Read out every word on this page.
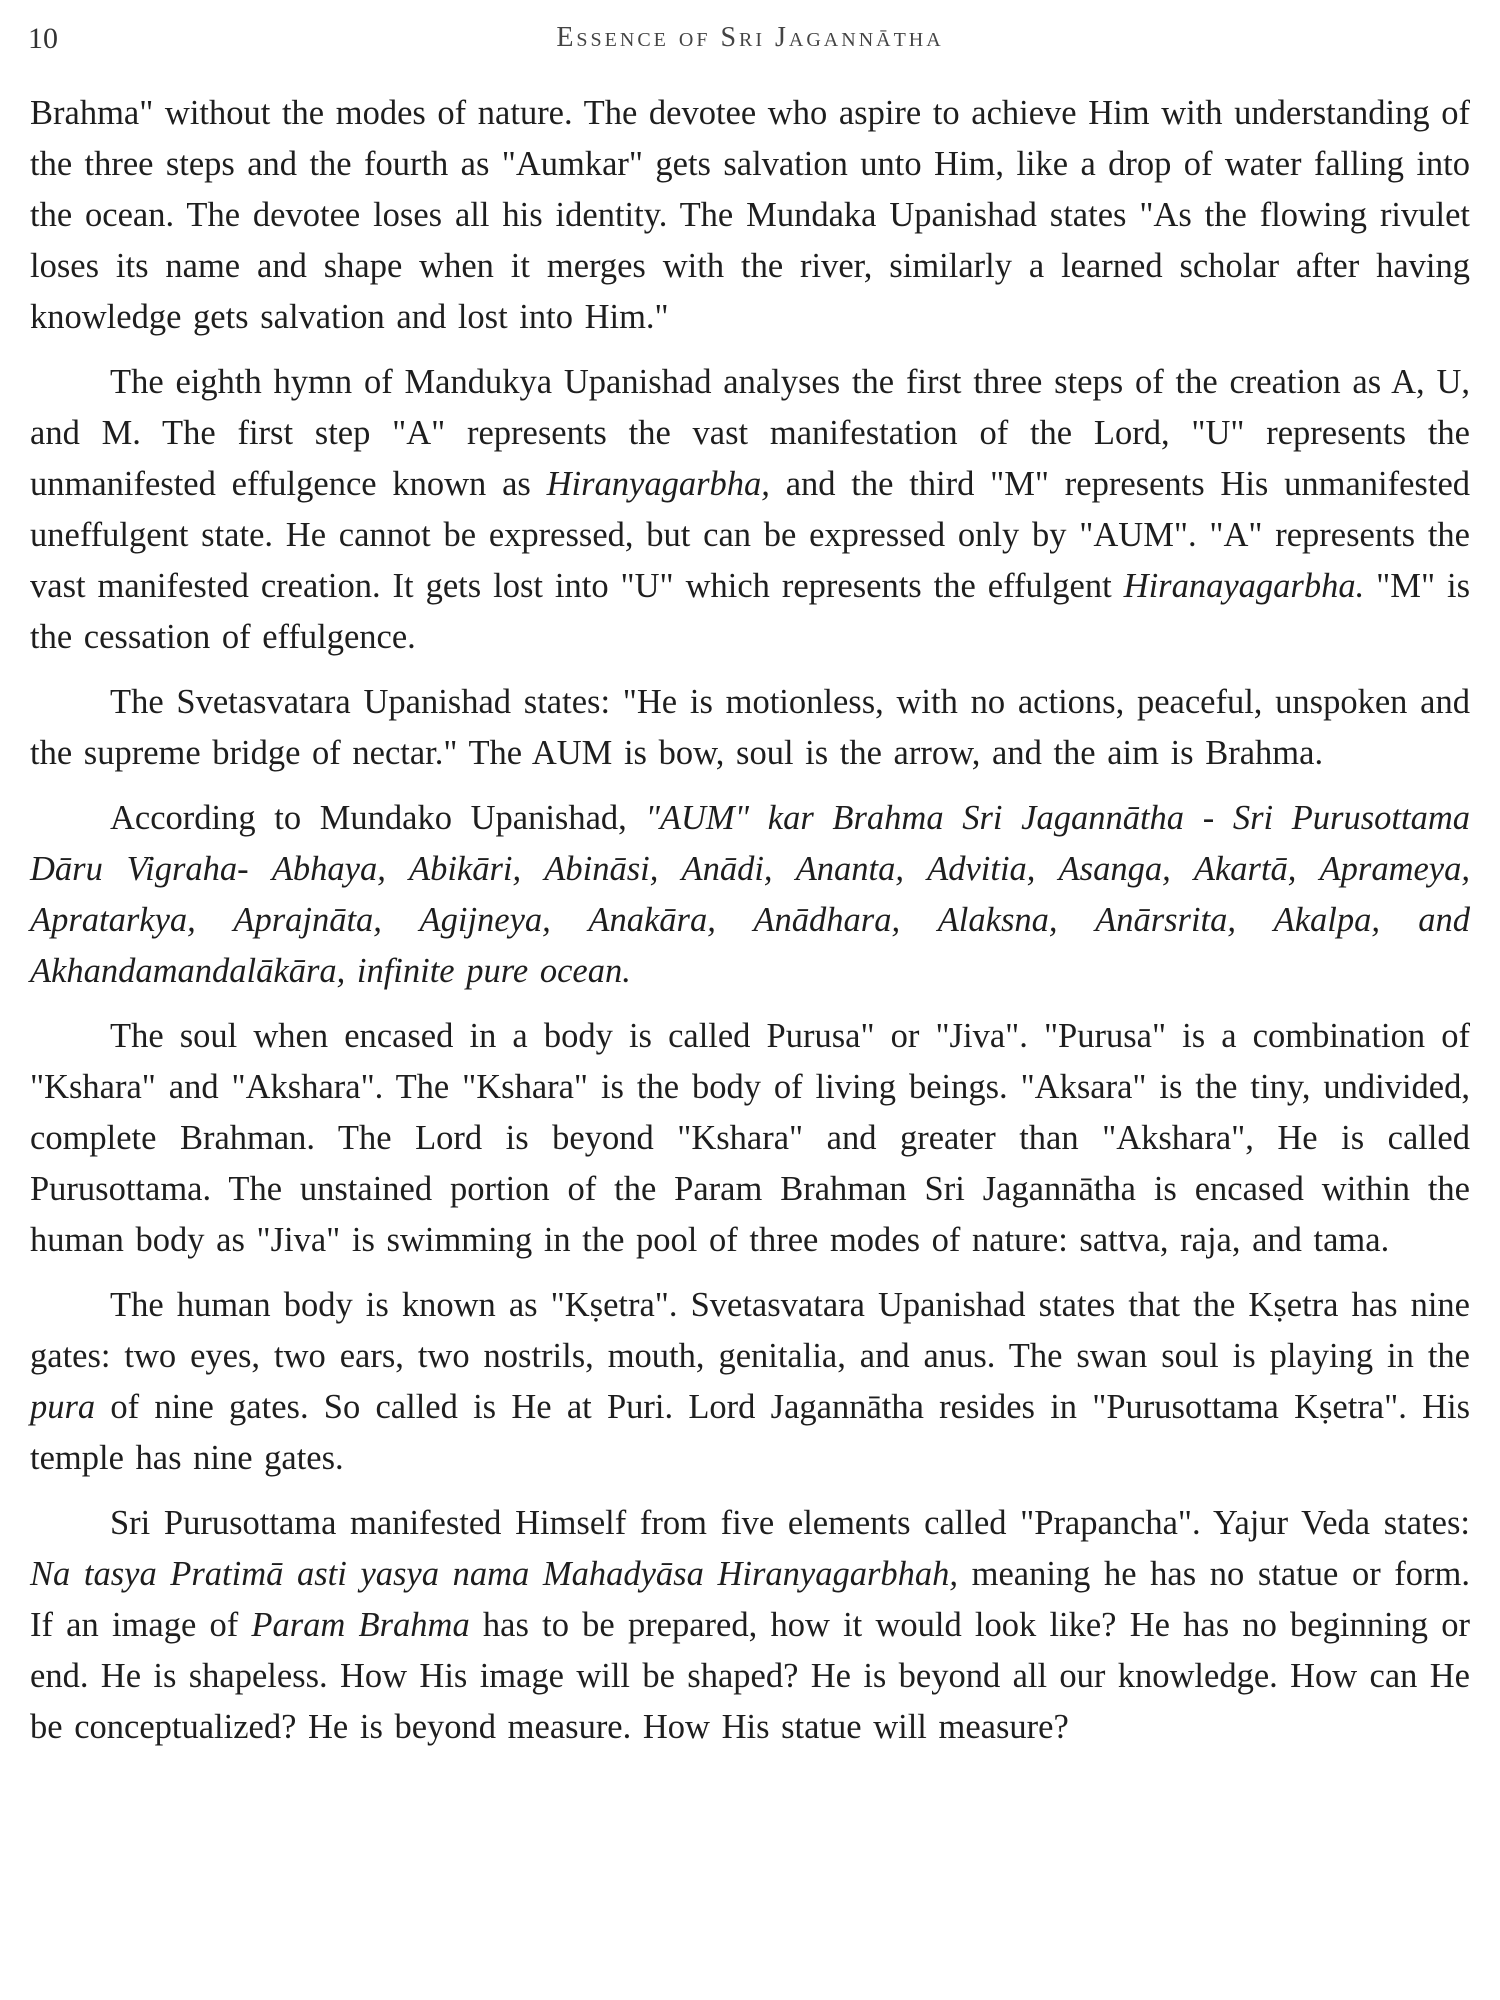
10	Essence of Sri Jagannātha

Brahma" without the modes of nature. The devotee who aspire to achieve Him with understanding of the three steps and the fourth as "Aumkar" gets salvation unto Him, like a drop of water falling into the ocean. The devotee loses all his identity. The Mundaka Upanishad states "As the flowing rivulet loses its name and shape when it merges with the river, similarly a learned scholar after having knowledge gets salvation and lost into Him."

The eighth hymn of Mandukya Upanishad analyses the first three steps of the creation as A, U, and M. The first step "A" represents the vast manifestation of the Lord, "U" represents the unmanifested effulgence known as Hiranyagarbha, and the third "M" represents His unmanifested uneffulgent state. He cannot be expressed, but can be expressed only by "AUM". "A" represents the vast manifested creation. It gets lost into "U" which represents the effulgent Hiranayagarbha. "M" is the cessation of effulgence.

The Svetasvatara Upanishad states: "He is motionless, with no actions, peaceful, unspoken and the supreme bridge of nectar." The AUM is bow, soul is the arrow, and the aim is Brahma.

According to Mundako Upanishad, "AUM" kar Brahma Sri Jagannātha - Sri Purusottama Dāru Vigraha- Abhaya, Abikāri, Abināsi, Anādi, Ananta, Advitia, Asanga, Akartā, Aprameya, Apratarkya, Aprajnāta, Agijneya, Anakāra, Anādhara, Alaksna, Anārsrita, Akalpa, and Akhandamandalākāra, infinite pure ocean.

The soul when encased in a body is called Purusa" or "Jiva". "Purusa" is a combination of "Kshara" and "Akshara". The "Kshara" is the body of living beings. "Aksara" is the tiny, undivided, complete Brahman. The Lord is beyond "Kshara" and greater than "Akshara", He is called Purusottama. The unstained portion of the Param Brahman Sri Jagannātha is encased within the human body as "Jiva" is swimming in the pool of three modes of nature: sattva, raja, and tama.

The human body is known as "Kṣetra". Svetasvatara Upanishad states that the Kṣetra has nine gates: two eyes, two ears, two nostrils, mouth, genitalia, and anus. The swan soul is playing in the pura of nine gates. So called is He at Puri. Lord Jagannātha resides in "Purusottama Kṣetra". His temple has nine gates.

Sri Purusottama manifested Himself from five elements called "Prapancha". Yajur Veda states: Na tasya Pratimā asti yasya nama Mahadyāsa Hiranyagarbhah, meaning he has no statue or form. If an image of Param Brahma has to be prepared, how it would look like? He has no beginning or end. He is shapeless. How His image will be shaped? He is beyond all our knowledge. How can He be conceptualized? He is beyond measure. How His statue will measure?
